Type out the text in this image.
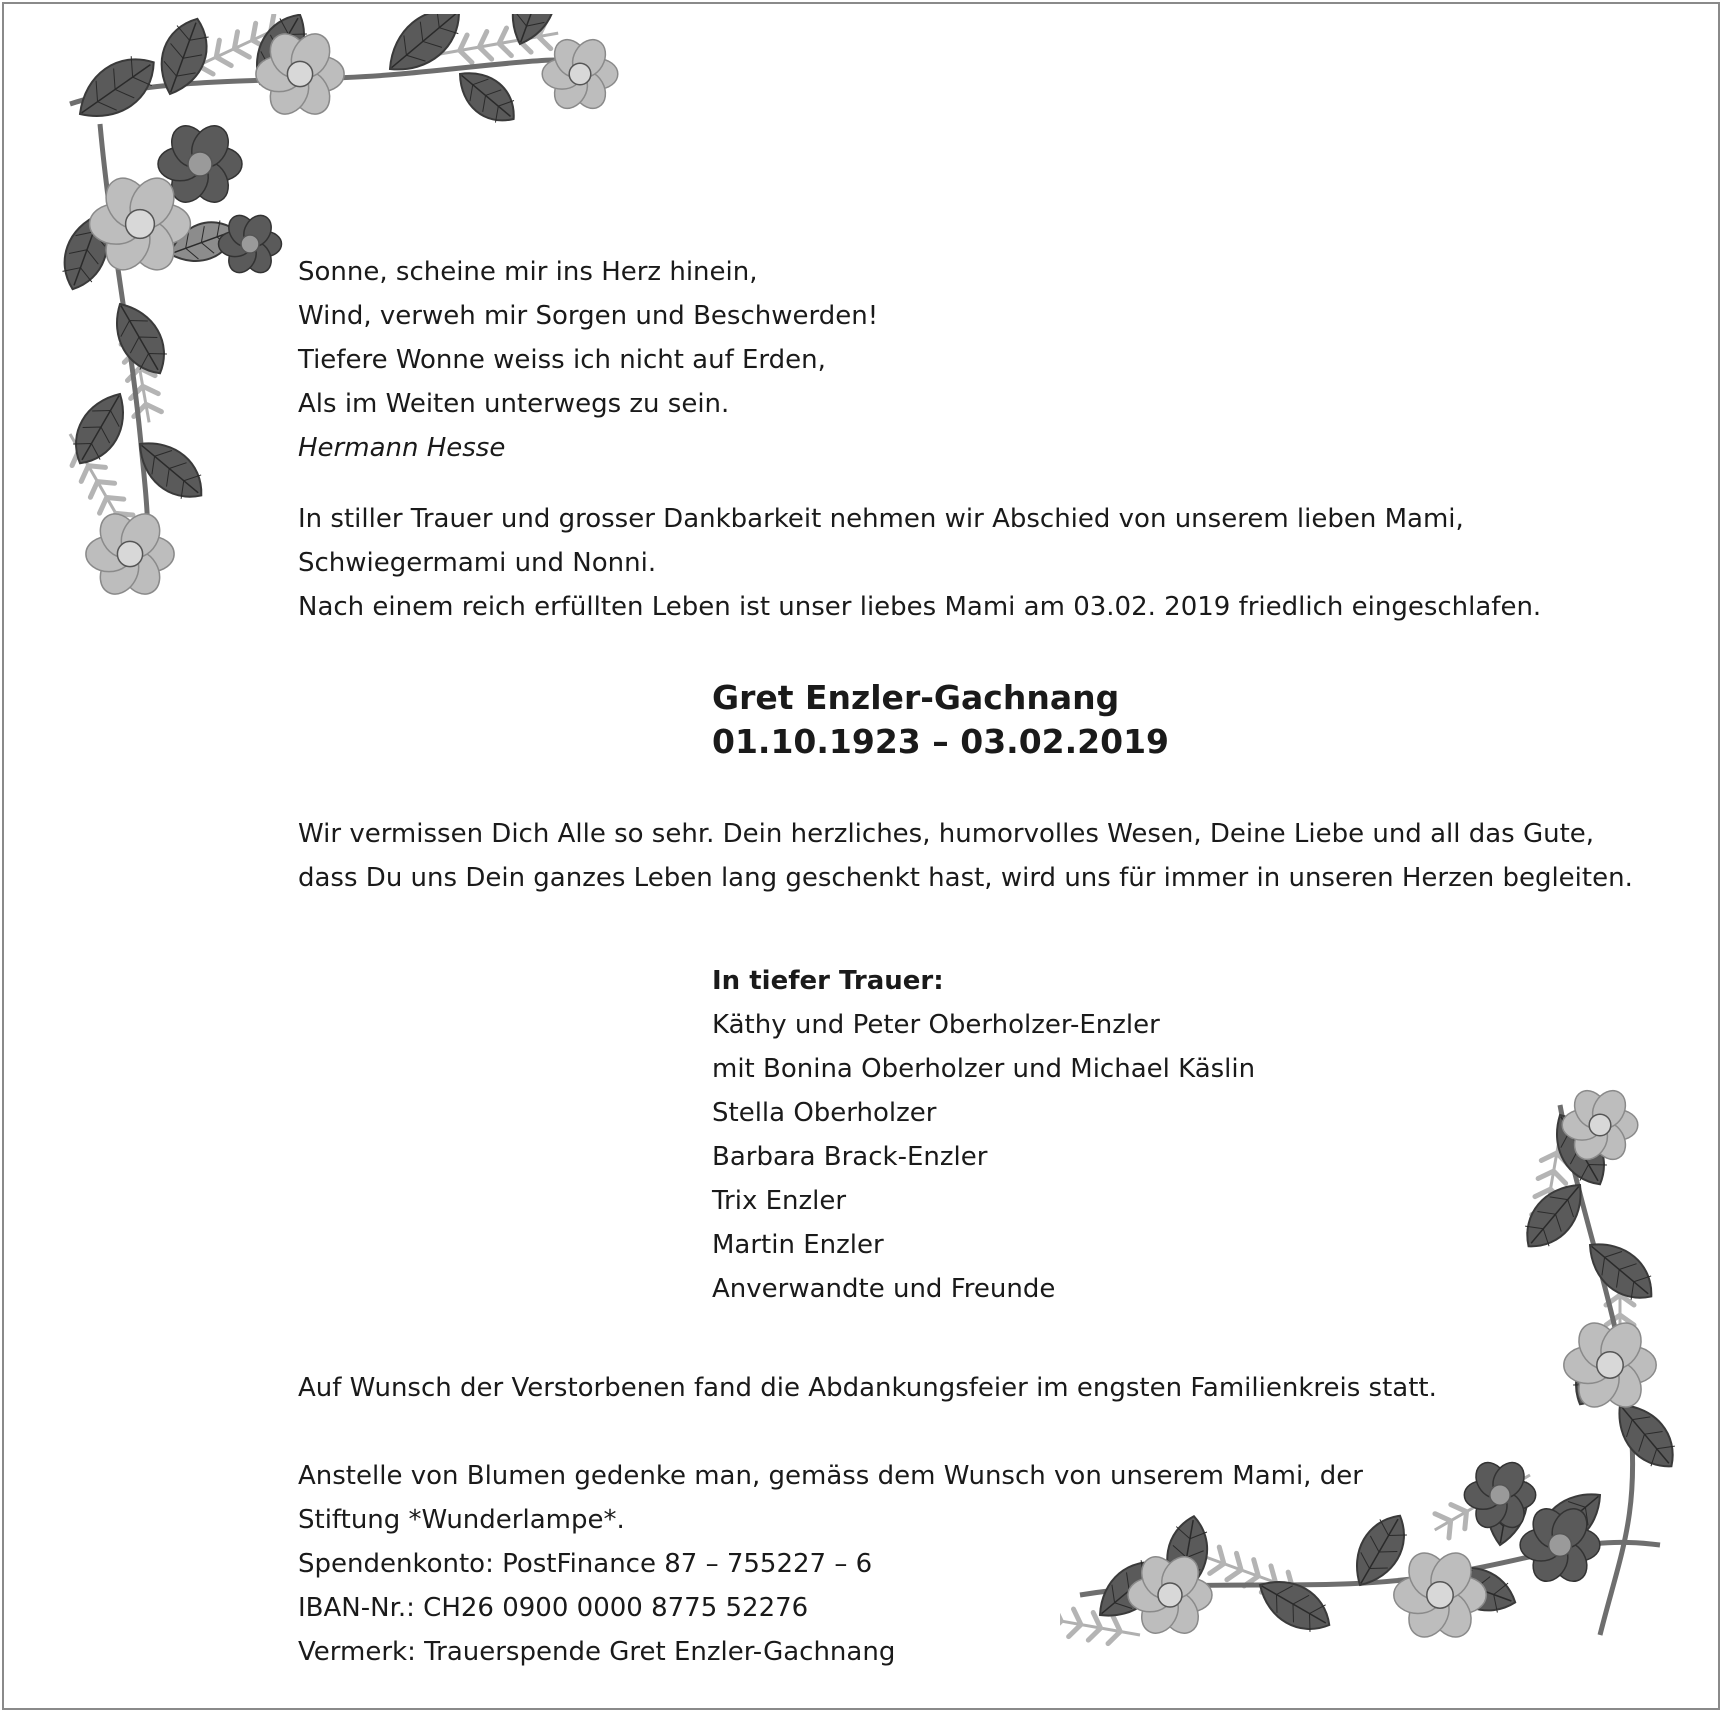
Sonne, scheine mir ins Herz hinein,
Wind, verweh mir Sorgen und Beschwerden!
Tiefere Wonne weiss ich nicht auf Erden,
Als im Weiten unterwegs zu sein.
Hermann Hesse
In stiller Trauer und grosser Dankbarkeit nehmen wir Abschied von unserem lieben Mami,
Schwiegermami und Nonni.
Nach einem reich erfüllten Leben ist unser liebes Mami am 03.02. 2019 friedlich eingeschlafen.
Gret Enzler-Gachnang
01.10.1923 – 03.02.2019
Wir vermissen Dich Alle so sehr. Dein herzliches, humorvolles Wesen, Deine Liebe und all das Gute,
dass Du uns Dein ganzes Leben lang geschenkt hast, wird uns für immer in unseren Herzen begleiten.
In tiefer Trauer:
Käthy und Peter Oberholzer-Enzler
mit Bonina Oberholzer und Michael Käslin
Stella Oberholzer
Barbara Brack-Enzler
Trix Enzler
Martin Enzler
Anverwandte und Freunde
Auf Wunsch der Verstorbenen fand die Abdankungsfeier im engsten Familienkreis statt.
Anstelle von Blumen gedenke man, gemäss dem Wunsch von unserem Mami, der
Stiftung *Wunderlampe*.
Spendenkonto: PostFinance 87 – 755227 – 6
IBAN-Nr.: CH26 0900 0000 8775 52276
Vermerk: Trauerspende Gret Enzler-Gachnang
